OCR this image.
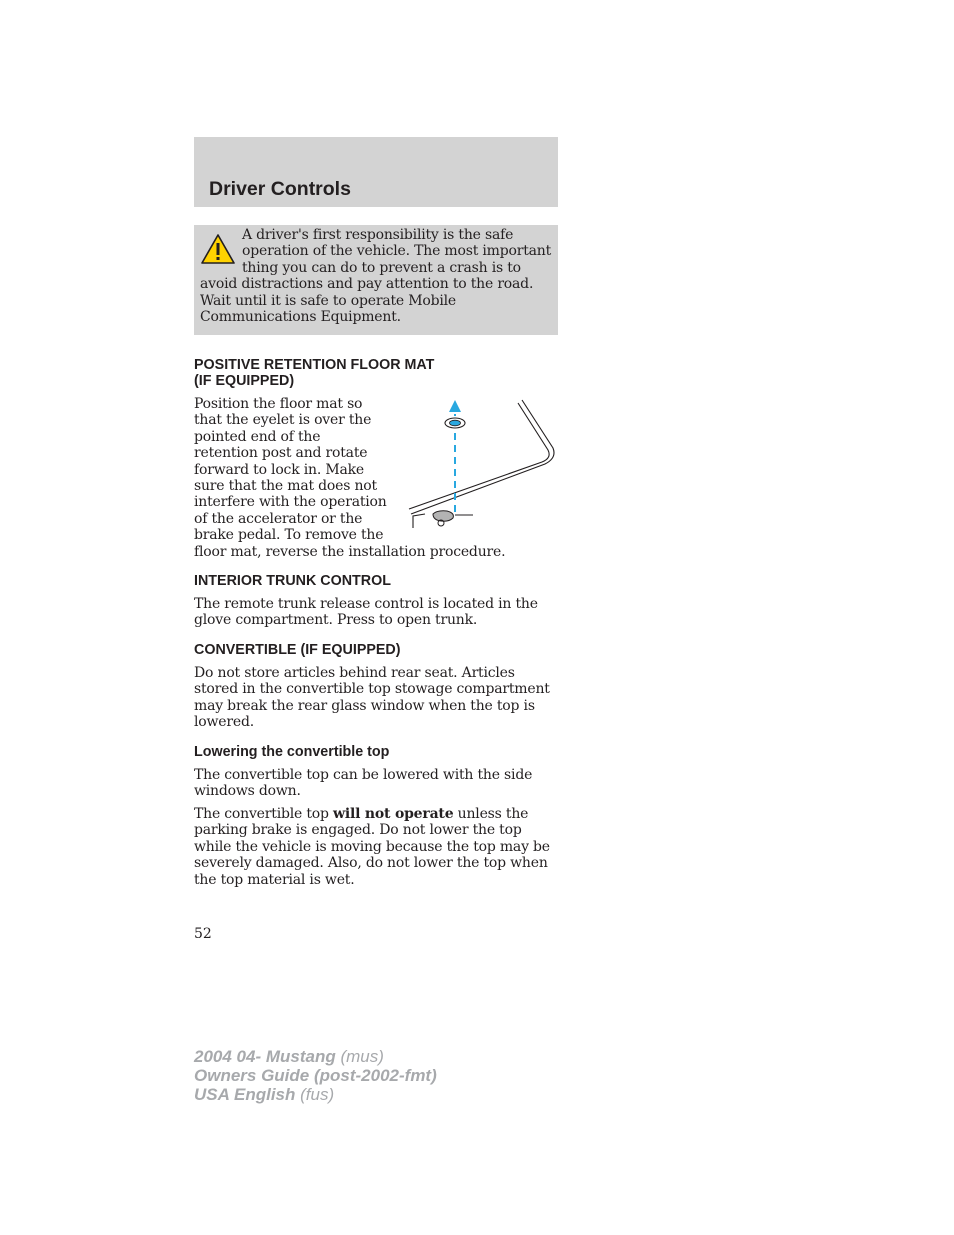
Driver Controls

A driver's first responsibility is the safe operation of the vehicle. The most important thing you can do to prevent a crash is to avoid distractions and pay attention to the road. Wait until it is safe to operate Mobile Communications Equipment.

POSITIVE RETENTION FLOOR MAT
(IF EQUIPPED)

Position the floor mat so
that the eyelet is over the
pointed end of the
retention post and rotate
forward to lock in. Make
sure that the mat does not
interfere with the operation
of the accelerator or the
brake pedal. To remove the
floor mat, reverse the installation procedure.

INTERIOR TRUNK CONTROL

The remote trunk release control is located in the glove compartment. Press to open trunk.

CONVERTIBLE (IF EQUIPPED)

Do not store articles behind rear seat. Articles stored in the convertible top stowage compartment may break the rear glass window when the top is lowered.

Lowering the convertible top

The convertible top can be lowered with the side windows down.

The convertible top will not operate unless the parking brake is engaged. Do not lower the top while the vehicle is moving because the top may be severely damaged. Also, do not lower the top when the top material is wet.

52

2004 04- Mustang (mus)
Owners Guide (post-2002-fmt)
USA English (fus)
